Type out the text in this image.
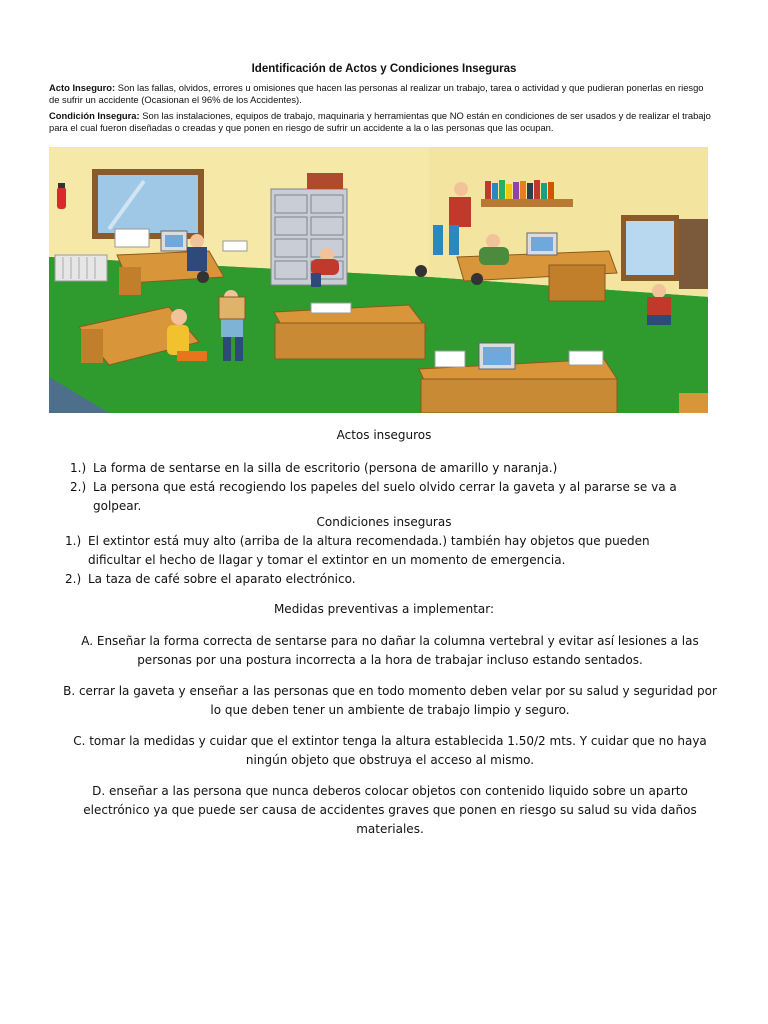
Identificación de Actos y Condiciones Inseguras
Acto Inseguro: Son las fallas, olvidos, errores u omisiones que hacen las personas al realizar un trabajo, tarea o actividad y que pudieran ponerlas en riesgo de sufrir un accidente (Ocasionan el 96% de los Accidentes).
Condición Insegura: Son las instalaciones, equipos de trabajo, maquinaria y herramientas que NO están en condiciones de ser usados y de realizar el trabajo para el cual fueron diseñadas o creadas y que ponen en riesgo de sufrir un accidente a la o las personas que las ocupan.
Actos inseguros
1.) La forma de sentarse en la silla de escritorio (persona de amarillo y naranja.)
2.) La persona que está recogiendo los papeles del suelo olvido cerrar la gaveta y al pararse se va a golpear.
Condiciones inseguras
1.) El extintor está muy alto (arriba de la altura recomendada.) también hay objetos que pueden dificultar el hecho de llagar y tomar el extintor en un momento de emergencia.
2.) La taza de café sobre el aparato electrónico.
Medidas preventivas a implementar:
A. Enseñar la forma correcta de sentarse para no dañar la columna vertebral y evitar así lesiones a las personas por una postura incorrecta a la hora de trabajar incluso estando sentados.
B. cerrar la gaveta y enseñar a las personas que en todo momento deben velar por su salud y seguridad por lo que deben tener un ambiente de trabajo limpio y seguro.
C. tomar la medidas y cuidar que el extintor tenga la altura establecida 1.50/2 mts. Y cuidar que no haya ningún objeto que obstruya el acceso al mismo.
D. enseñar a las persona que nunca deberos colocar objetos con contenido liquido sobre un aparto electrónico ya que puede ser causa de accidentes graves que ponen en riesgo su salud su vida daños materiales.
